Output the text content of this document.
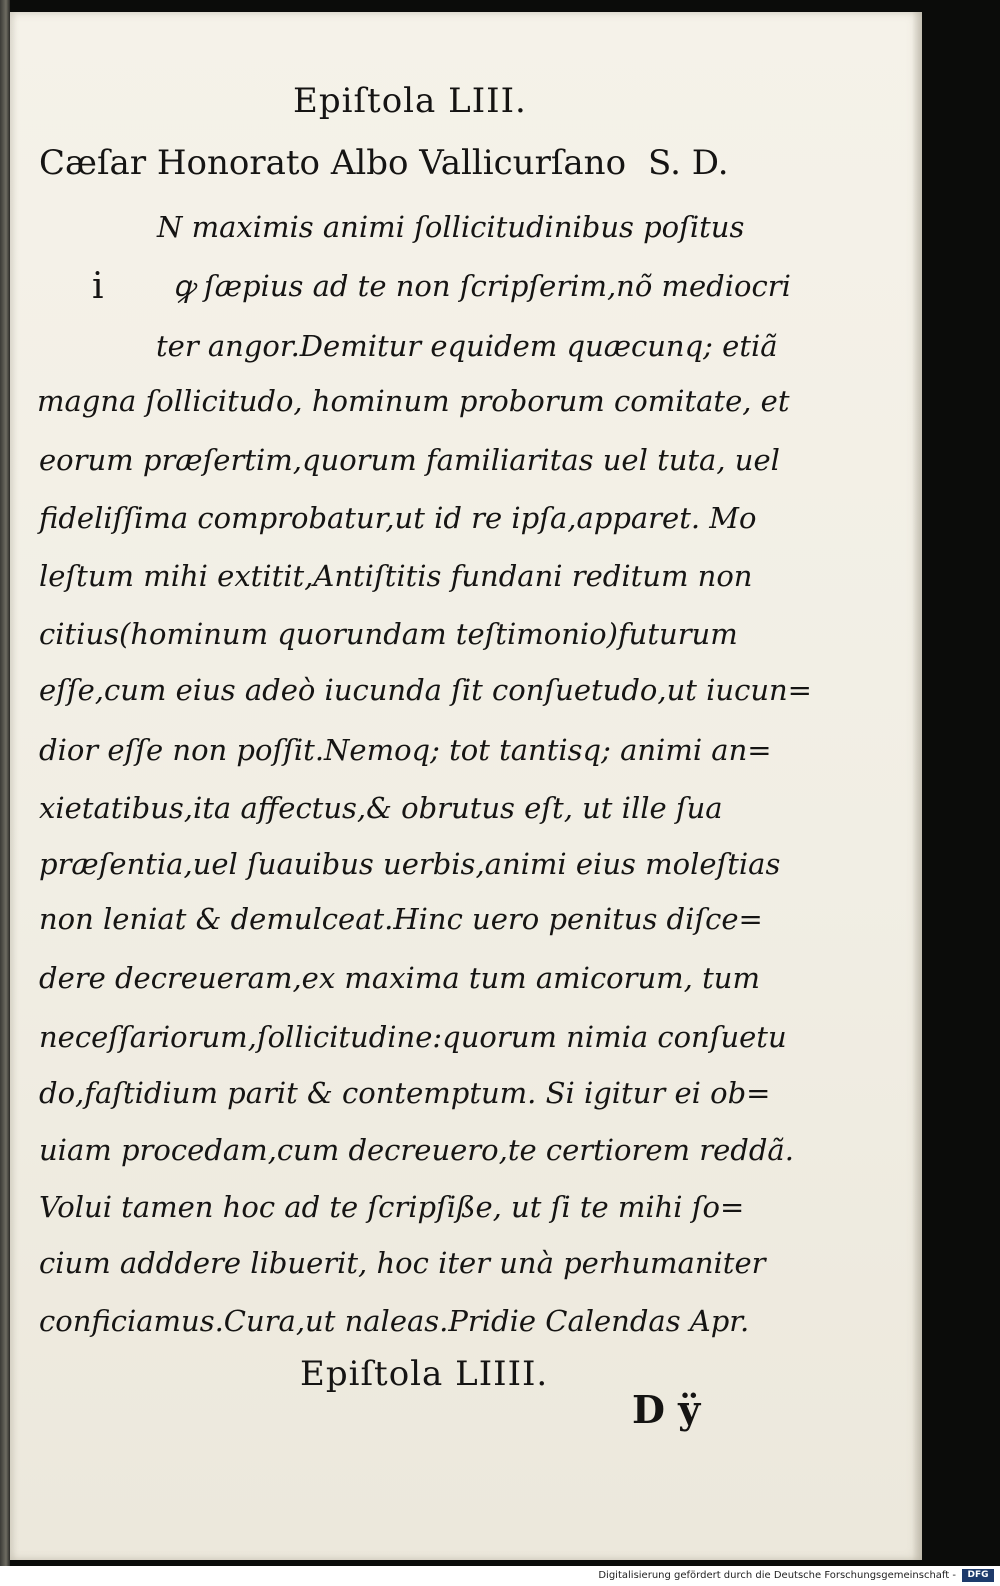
Epiſtola LIII.
Cæſar Honorato Albo Vallicurſano S. D.
N maximis animi ſollicitudinibus poſitus
i ꝙ ſæpius ad te non ſcripſerim,nõ mediocri
ter angor.Demitur equidem quæcunq; etiã
magna ſollicitudo, hominum proborum comitate, et
eorum præſertim,quorum familiaritas uel tuta, uel
fideliſſima comprobatur,ut id re ipſa,apparet. Mo
leſtum mihi extitit,Antiſtitis fundani reditum non
citius(hominum quorundam teſtimonio)futurum
eſſe,cum eius adeò iucunda ſit conſuetudo,ut iucun=
dior eſſe non poſſit.Nemoq; tot tantisq; animi an=
xietatibus,ita affectus,& obrutus eſt, ut ille ſua
præſentia,uel ſuauibus uerbis,animi eius moleſtias
non leniat & demulceat.Hinc uero penitus diſce=
dere decreueram,ex maxima tum amicorum, tum
neceſſariorum,ſollicitudine:quorum nimia conſuetu
do,faſtidium parit & contemptum. Si igitur ei ob=
uiam procedam,cum decreuero,te certiorem reddã.
Volui tamen hoc ad te ſcripſiße, ut ſi te mihi ſo=
cium adddere libuerit, hoc iter unà perhumaniter
conficiamus.Cura,ut naleas.Pridie Calendas Apr.
Epiſtola LIIII.
D ÿ
Digitalisierung gefördert durch die Deutsche Forschungsgemeinschaft -	DFG
